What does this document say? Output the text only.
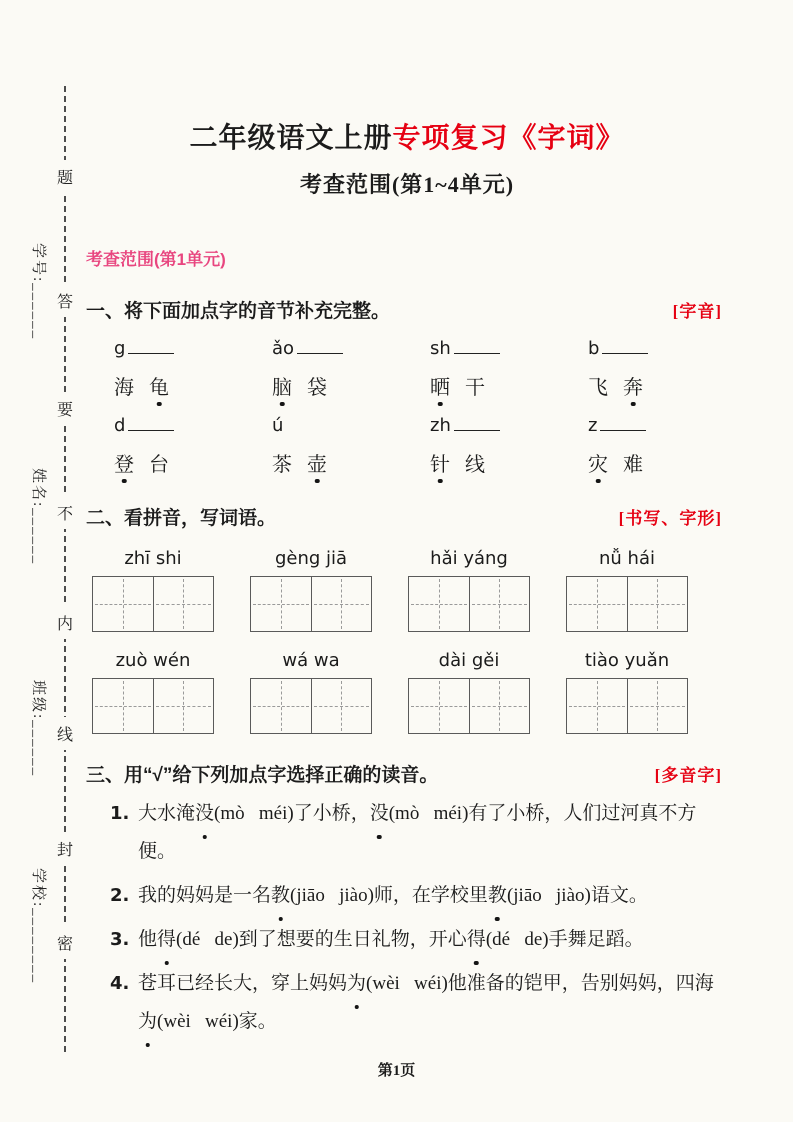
题
答
要
不
内
线
封
密
学号:______
姓名:______
班级:______
学校:________
二年级语文上册专项复习《字词》
考查范围(第1~4单元)
考查范围(第1单元)
一、将下面加点字的音节补充完整。	[字音]
g
海 龟
ǎo
脑 袋
sh
晒 干
b
飞 奔
d
登 台
ú
茶 壶
zh
针 线
z
灾 难
二、看拼音，写词语。	[书写、字形]
zhī shi	gèng jiā	hǎi yáng	nǚ hái
zuò wén	wá wa	dài gěi	tiào yuǎn
三、用“√”给下列加点字选择正确的读音。	[多音字]
1. 大水淹没(mò   méi)了小桥，没(mò   méi)有了小桥，人们过河真不方便。
2. 我的妈妈是一名教(jiāo   jiào)师，在学校里教(jiāo   jiào)语文。
3. 他得(dé   de)到了想要的生日礼物，开心得(dé   de)手舞足蹈。
4. 苍耳已经长大，穿上妈妈为(wèi   wéi)他准备的铠甲，告别妈妈，四海为(wèi   wéi)家。
第1页
